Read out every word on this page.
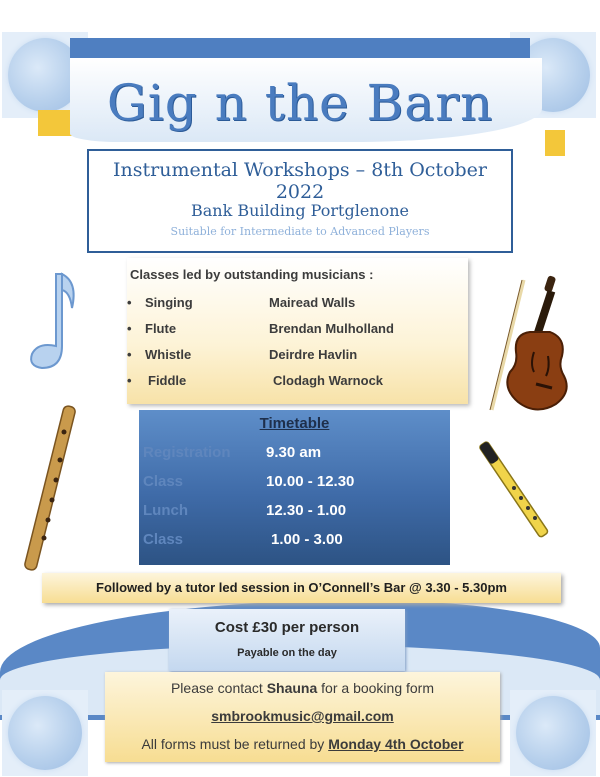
Gig n the Barn
Instrumental Workshops – 8th October 2022
Bank Building Portglenone
Suitable for Intermediate to Advanced Players
Classes led by outstanding musicians :
• Singing	Mairead Walls
• Flute	Brendan Mulholland
• Whistle	Deirdre Havlin
• Fiddle	Clodagh Warnock
Timetable
Registration 9.30 am
Class	10.00 - 12.30
Lunch	12.30 - 1.00
Class	1.00 - 3.00
Followed by a tutor led session in O’Connell’s Bar @ 3.30 - 5.30pm
Cost £30 per person
Payable on the day
Please contact Shauna for a booking form
smbrookmusic@gmail.com
All forms must be returned by Monday 4th October
